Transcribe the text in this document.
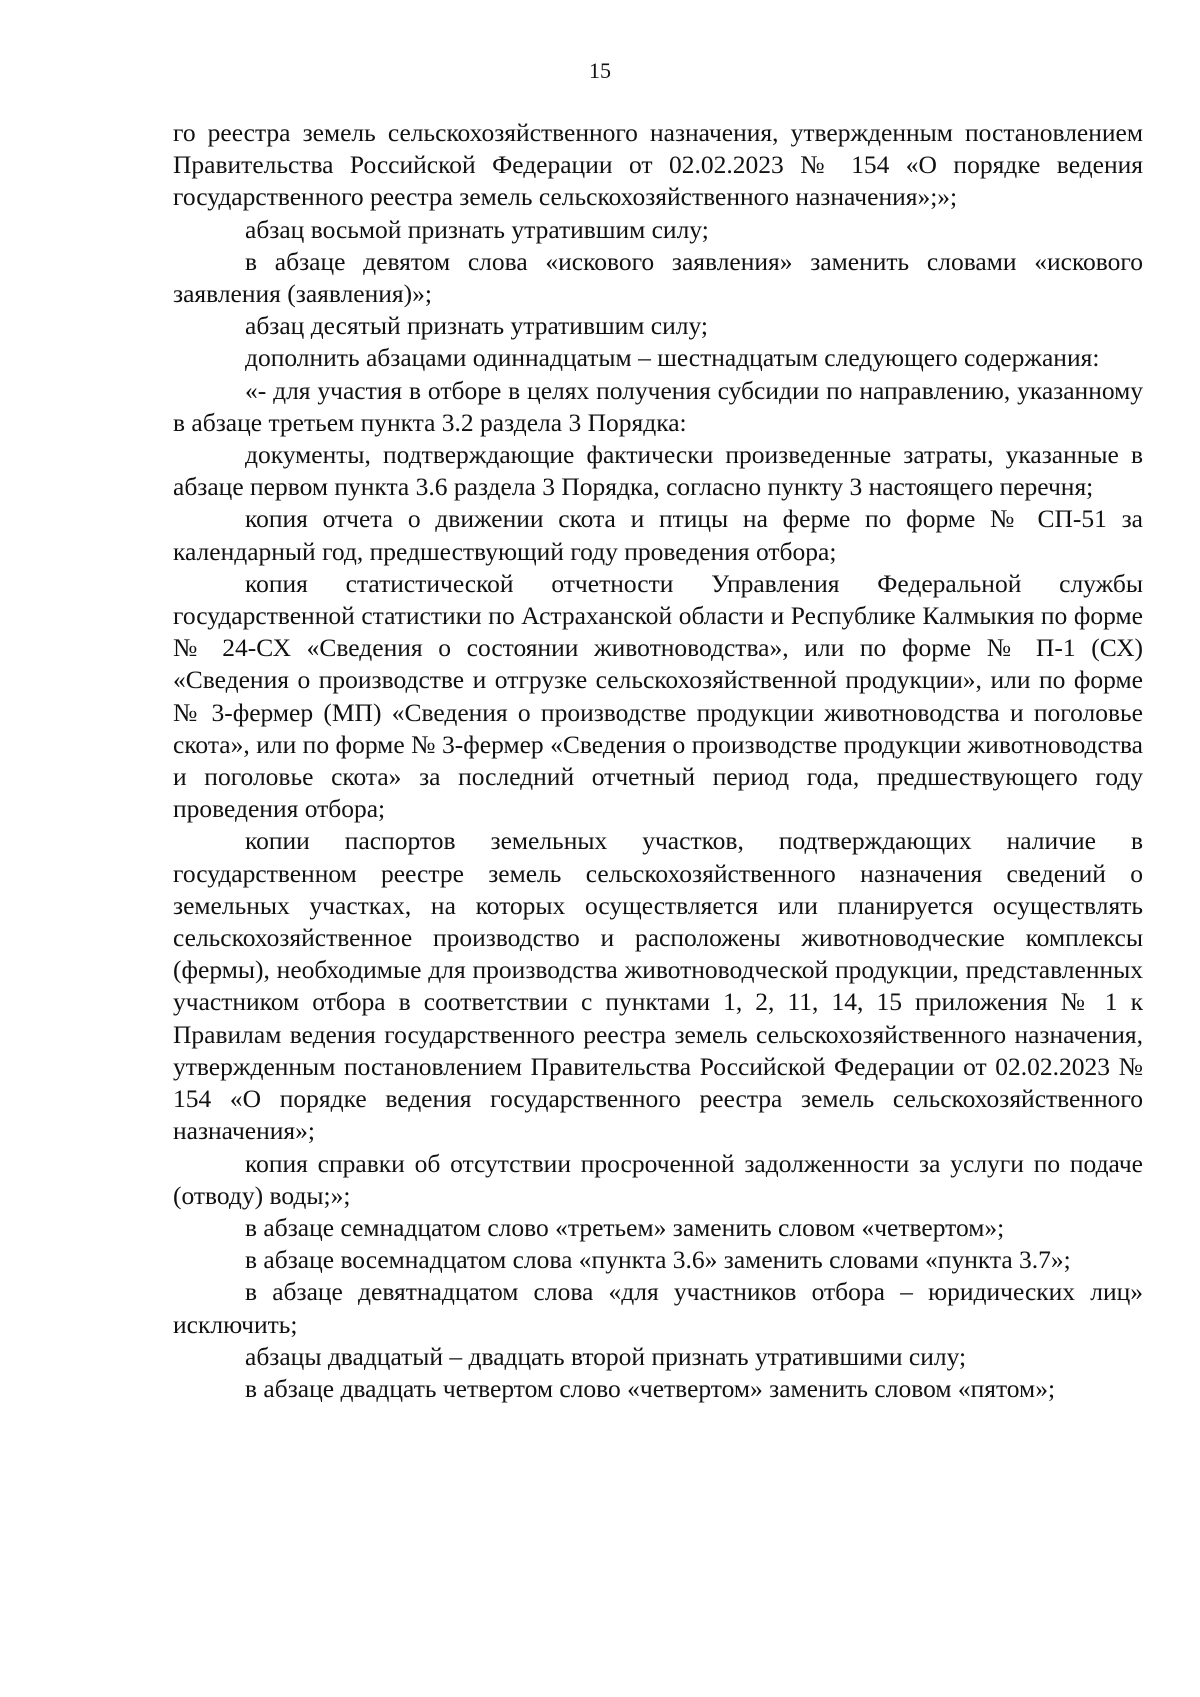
15

го реестра земель сельскохозяйственного назначения, утвержденным постановлением Правительства Российской Федерации от 02.02.2023 № 154 «О порядке ведения государственного реестра земель сельскохозяйственного назначения»;»;

абзац восьмой признать утратившим силу;

в абзаце девятом слова «искового заявления» заменить словами «искового заявления (заявления)»;

абзац десятый признать утратившим силу;

дополнить абзацами одиннадцатым – шестнадцатым следующего содержания:

«- для участия в отборе в целях получения субсидии по направлению, указанному в абзаце третьем пункта 3.2 раздела 3 Порядка:

документы, подтверждающие фактически произведенные затраты, указанные в абзаце первом пункта 3.6 раздела 3 Порядка, согласно пункту 3 настоящего перечня;

копия отчета о движении скота и птицы на ферме по форме № СП-51 за календарный год, предшествующий году проведения отбора;

копия статистической отчетности Управления Федеральной службы государственной статистики по Астраханской области и Республике Калмыкия по форме № 24-СХ «Сведения о состоянии животноводства», или по форме № П-1 (СХ) «Сведения о производстве и отгрузке сельскохозяйственной продукции», или по форме № 3-фермер (МП) «Сведения о производстве продукции животноводства и поголовье скота», или по форме № 3-фермер «Сведения о производстве продукции животноводства и поголовье скота» за последний отчетный период года, предшествующего году проведения отбора;

копии паспортов земельных участков, подтверждающих наличие в государственном реестре земель сельскохозяйственного назначения сведений о земельных участках, на которых осуществляется или планируется осуществлять сельскохозяйственное производство и расположены животноводческие комплексы (фермы), необходимые для производства животноводческой продукции, представленных участником отбора в соответствии с пунктами 1, 2, 11, 14, 15 приложения № 1 к Правилам ведения государственного реестра земель сельскохозяйственного назначения, утвержденным постановлением Правительства Российской Федерации от 02.02.2023 № 154 «О порядке ведения государственного реестра земель сельскохозяйственного назначения»;

копия справки об отсутствии просроченной задолженности за услуги по подаче (отводу) воды;»;

в абзаце семнадцатом слово «третьем» заменить словом «четвертом»;

в абзаце восемнадцатом слова «пункта 3.6» заменить словами «пункта 3.7»;

в абзаце девятнадцатом слова «для участников отбора – юридических лиц» исключить;

абзацы двадцатый – двадцать второй признать утратившими силу;

в абзаце двадцать четвертом слово «четвертом» заменить словом «пятом»;
